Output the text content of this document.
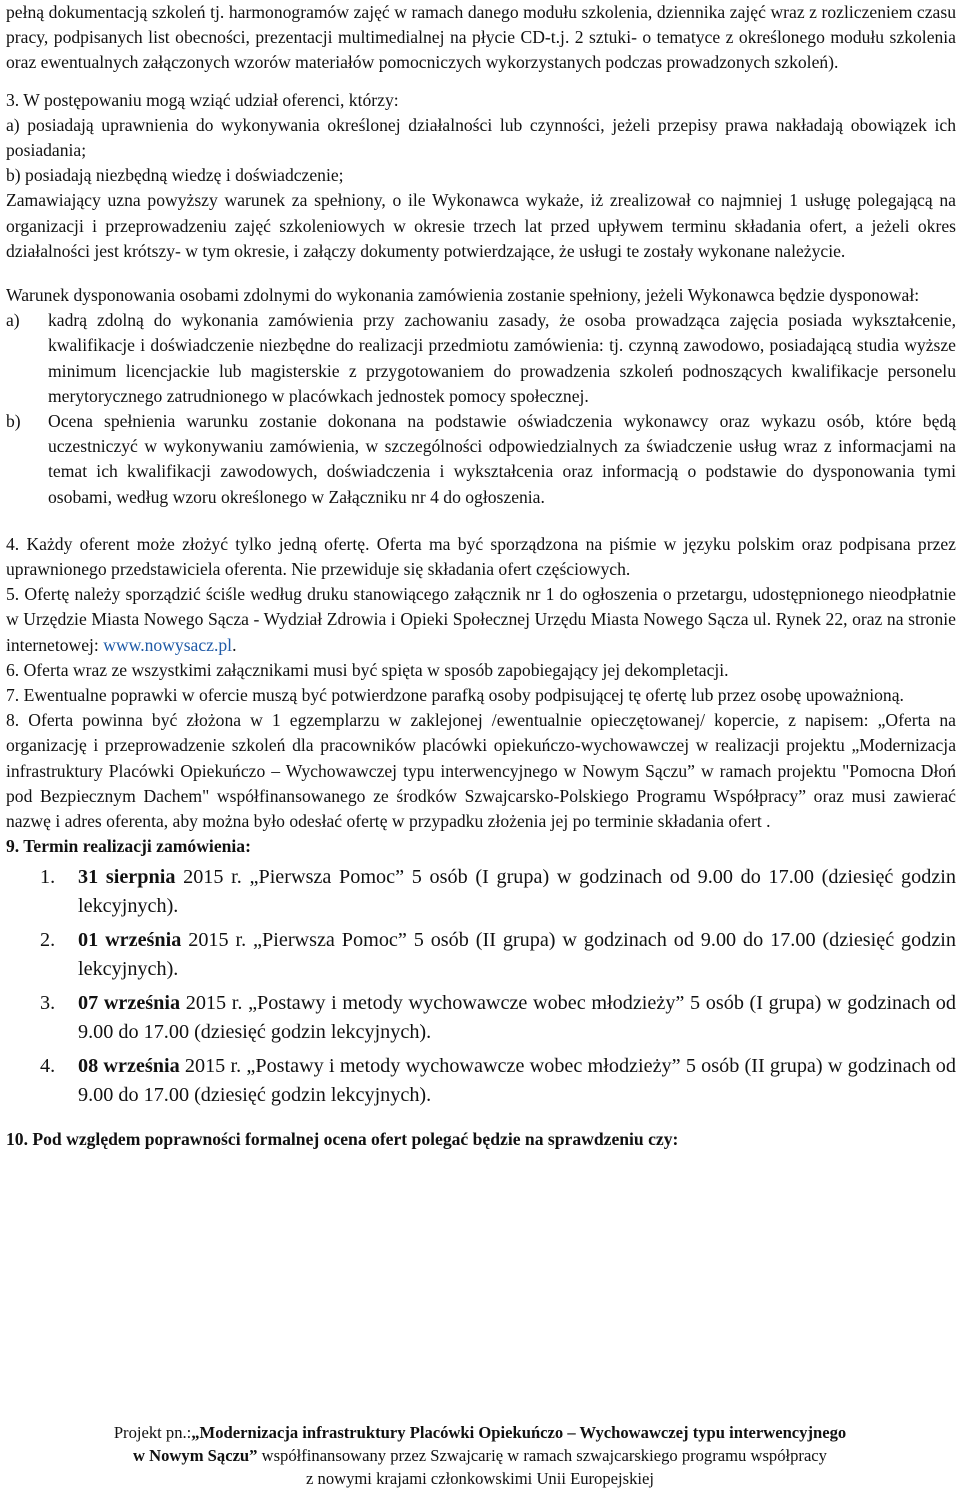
pełną dokumentacją szkoleń tj. harmonogramów zajęć w ramach danego modułu szkolenia, dziennika zajęć wraz z rozliczeniem czasu pracy, podpisanych list obecności, prezentacji multimedialnej na płycie CD-t.j. 2 sztuki- o tematyce z określonego modułu szkolenia oraz ewentualnych załączonych wzorów materiałów pomocniczych wykorzystanych podczas prowadzonych szkoleń).

3. W postępowaniu mogą wziąć udział oferenci, którzy:

a) posiadają uprawnienia do wykonywania określonej działalności lub czynności, jeżeli przepisy prawa nakładają obowiązek ich posiadania;

b) posiadają niezbędną wiedzę i doświadczenie;

Zamawiający uzna powyższy warunek za spełniony, o ile Wykonawca wykaże, iż zrealizował co najmniej 1 usługę polegającą na organizacji i przeprowadzeniu zajęć szkoleniowych w okresie trzech lat przed upływem terminu składania ofert, a jeżeli okres działalności jest krótszy- w tym okresie, i załączy dokumenty potwierdzające, że usługi te zostały wykonane należycie.

Warunek dysponowania osobami zdolnymi do wykonania zamówienia zostanie spełniony, jeżeli Wykonawca będzie dysponował:

a)	kadrą zdolną do wykonania zamówienia przy zachowaniu zasady, że osoba prowadząca zajęcia posiada wykształcenie, kwalifikacje i doświadczenie niezbędne do realizacji przedmiotu zamówienia: tj. czynną zawodowo, posiadającą studia wyższe minimum licencjackie lub magisterskie z przygotowaniem do prowadzenia szkoleń podnoszących kwalifikacje personelu merytorycznego zatrudnionego w placówkach jednostek pomocy społecznej.
b)	Ocena spełnienia warunku zostanie dokonana na podstawie oświadczenia wykonawcy oraz wykazu osób, które będą uczestniczyć w wykonywaniu zamówienia, w szczególności odpowiedzialnych za świadczenie usług wraz z informacjami na temat ich kwalifikacji zawodowych, doświadczenia i wykształcenia oraz informacją o podstawie do dysponowania tymi osobami, według wzoru określonego w Załączniku nr 4 do ogłoszenia.

4. Każdy oferent może złożyć tylko jedną ofertę. Oferta ma być sporządzona na piśmie w języku polskim oraz podpisana przez uprawnionego przedstawiciela oferenta. Nie przewiduje się składania ofert częściowych.

5. Ofertę należy sporządzić ściśle według druku stanowiącego załącznik nr 1 do ogłoszenia o przetargu, udostępnionego nieodpłatnie w Urzędzie Miasta Nowego Sącza - Wydział Zdrowia i Opieki Społecznej Urzędu Miasta Nowego Sącza ul. Rynek 22, oraz na stronie internetowej: www.nowysacz.pl.

6. Oferta wraz ze wszystkimi załącznikami musi być spięta w sposób zapobiegający jej dekompletacji.

7. Ewentualne poprawki w ofercie muszą być potwierdzone parafką osoby podpisującej tę ofertę lub przez osobę upoważnioną.

8. Oferta powinna być złożona w 1 egzemplarzu w zaklejonej /ewentualnie opieczętowanej/ kopercie, z napisem: „Oferta na organizację i przeprowadzenie szkoleń dla pracowników placówki opiekuńczo-wychowawczej w realizacji projektu „Modernizacja infrastruktury Placówki Opiekuńczo – Wychowawczej typu interwencyjnego w Nowym Sączu” w ramach projektu "Pomocna Dłoń pod Bezpiecznym Dachem" współfinansowanego ze środków Szwajcarsko-Polskiego Programu Współpracy” oraz musi zawierać nazwę i adres oferenta, aby można było odesłać ofertę w przypadku złożenia jej po terminie składania ofert .

9. Termin realizacji zamówienia:

1.	31 sierpnia 2015 r. „Pierwsza Pomoc” 5 osób (I grupa) w godzinach od 9.00 do 17.00 (dziesięć godzin lekcyjnych).
2.	01 września 2015 r. „Pierwsza Pomoc” 5 osób (II grupa) w godzinach od 9.00 do 17.00 (dziesięć godzin lekcyjnych).
3.	07 września 2015 r. „Postawy i metody wychowawcze wobec młodzieży” 5 osób (I grupa) w godzinach od 9.00 do 17.00 (dziesięć godzin lekcyjnych).
4.	08 września 2015 r. „Postawy i metody wychowawcze wobec młodzieży” 5 osób (II grupa) w godzinach od 9.00 do 17.00 (dziesięć godzin lekcyjnych).

10. Pod względem poprawności formalnej ocena ofert polegać będzie na sprawdzeniu czy:

Projekt pn.:„Modernizacja infrastruktury Placówki Opiekuńczo – Wychowawczej typu interwencyjnego
w Nowym Sączu” współfinansowany przez Szwajcarię w ramach szwajcarskiego programu współpracy
z nowymi krajami członkowskimi Unii Europejskiej
